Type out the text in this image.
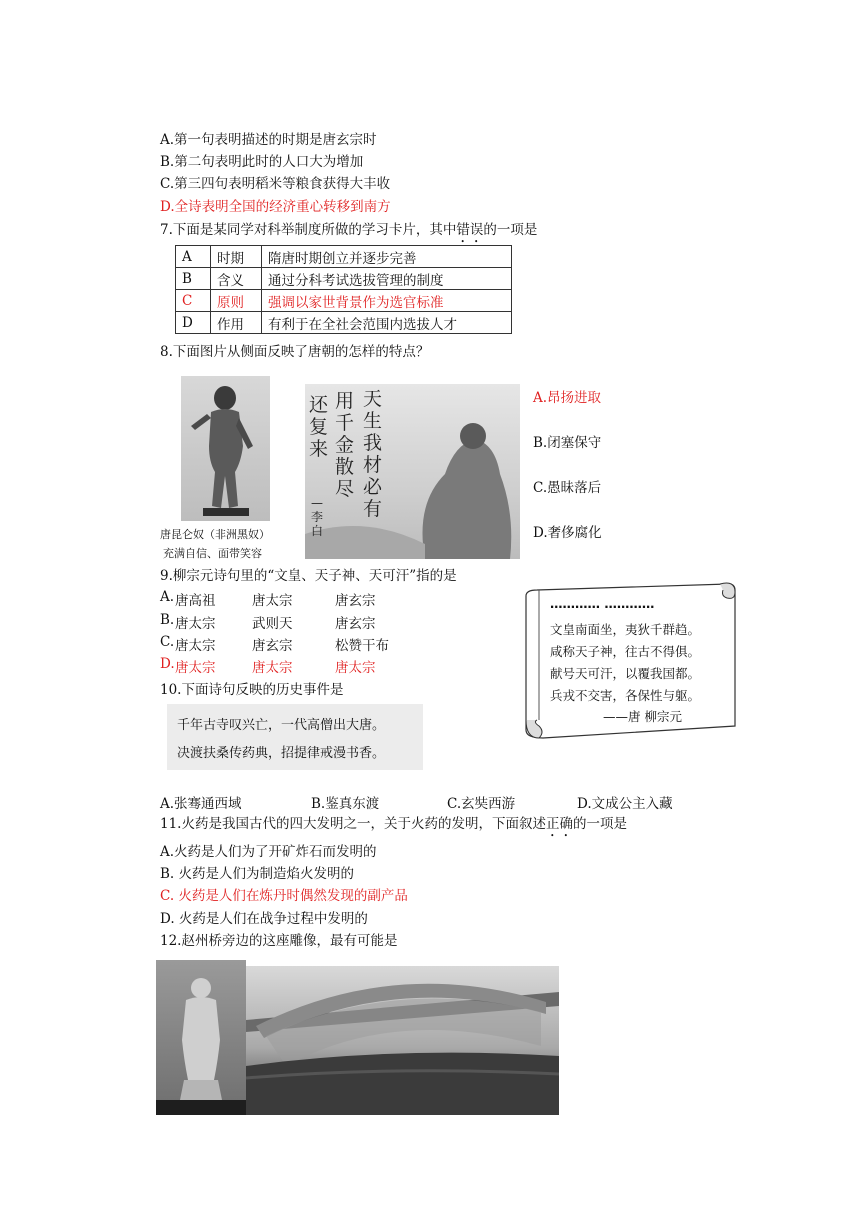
A.第一句表明描述的时期是唐玄宗时
B.第二句表明此时的人口大为增加
C.第三四句表明稻米等粮食获得大丰收
D.全诗表明全国的经济重心转移到南方
7.下面是某同学对科举制度所做的学习卡片，其中错误的一项是
A	时期	隋唐时期创立并逐步完善
B	含义	通过分科考试选拔管理的制度
C	原则	强调以家世背景作为选官标准
D	作用	有利于在全社会范围内选拔人才
8.下面图片从侧面反映了唐朝的怎样的特点？
唐昆仑奴（非洲黑奴）
充满自信、面带笑容
天生我材必有
用千金散尽
还复来
—李白
A.昂扬进取
B.闭塞保守
C.愚昧落后
D.奢侈腐化
9.柳宗元诗句里的“文皇、天子神、天可汗”指的是
A. 唐高祖	唐太宗	唐玄宗
B. 唐太宗	武则天	唐玄宗
C. 唐太宗	唐玄宗	松赞干布
D. 唐太宗	唐太宗	唐太宗
………… …………
文皇南面坐，夷狄千群趋。
咸称天子神，往古不得俱。
献号天可汗，以覆我国都。
兵戎不交害，各保性与躯。
——唐 柳宗元
10.下面诗句反映的历史事件是
千年古寺叹兴亡，一代高僧出大唐。
决渡扶桑传药典，招提律戒漫书香。
A.张骞通西域	B.鉴真东渡	C.玄奘西游	D.文成公主入藏
11.火药是我国古代的四大发明之一，关于火药的发明，下面叙述正确的一项是
A.火药是人们为了开矿炸石而发明的
B. 火药是人们为制造焰火发明的
C. 火药是人们在炼丹时偶然发现的副产品
D. 火药是人们在战争过程中发明的
12.赵州桥旁边的这座雕像，最有可能是
